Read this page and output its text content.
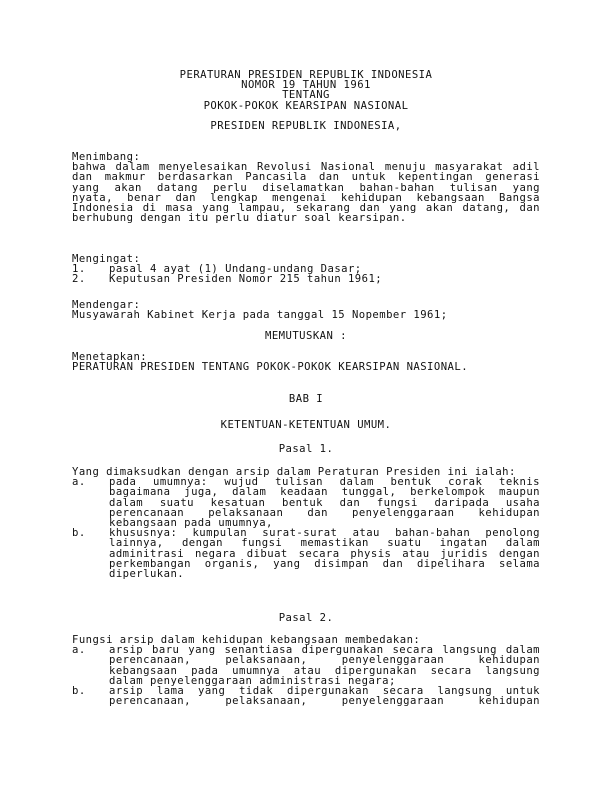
PERATURAN PRESIDEN REPUBLIK INDONESIA
NOMOR 19 TAHUN 1961
TENTANG
POKOK-POKOK KEARSIPAN NASIONAL
PRESIDEN REPUBLIK INDONESIA,
Menimbang:
bahwa dalam menyelesaikan Revolusi Nasional menuju masyarakat adil
dan makmur berdasarkan Pancasila dan untuk kepentingan generasi
yang akan datang perlu diselamatkan bahan-bahan tulisan yang
nyata, benar dan lengkap mengenai kehidupan kebangsaan Bangsa
Indonesia di masa yang lampau, sekarang dan yang akan datang, dan
berhubung dengan itu perlu diatur soal kearsipan.
Mengingat:
1. pasal 4 ayat (1) Undang-undang Dasar;
2. Keputusan Presiden Nomor 215 tahun 1961;
Mendengar:
Musyawarah Kabinet Kerja pada tanggal 15 Nopember 1961;
MEMUTUSKAN :
Menetapkan:
PERATURAN PRESIDEN TENTANG POKOK-POKOK KEARSIPAN NASIONAL.
BAB I
KETENTUAN-KETENTUAN UMUM.
Pasal 1.
Yang dimaksudkan dengan arsip dalam Peraturan Presiden ini ialah:
a. pada umumnya: wujud tulisan dalam bentuk corak teknis
bagaimana juga, dalam keadaan tunggal, berkelompok maupun
dalam suatu kesatuan bentuk dan fungsi daripada usaha
perencanaan pelaksanaan dan penyelenggaraan kehidupan
kebangsaan pada umumnya,
b. khususnya: kumpulan surat-surat atau bahan-bahan penolong
lainnya, dengan fungsi memastikan suatu ingatan dalam
adminitrasi negara dibuat secara physis atau juridis dengan
perkembangan organis, yang disimpan dan dipelihara selama
diperlukan.
Pasal 2.
Fungsi arsip dalam kehidupan kebangsaan membedakan:
a. arsip baru yang senantiasa dipergunakan secara langsung dalam
perencanaan, pelaksanaan, penyelenggaraan kehidupan
kebangsaan pada umumnya atau dipergunakan secara langsung
dalam penyelenggaraan administrasi negara;
b. arsip lama yang tidak dipergunakan secara langsung untuk
perencanaan, pelaksanaan, penyelenggaraan kehidupan
